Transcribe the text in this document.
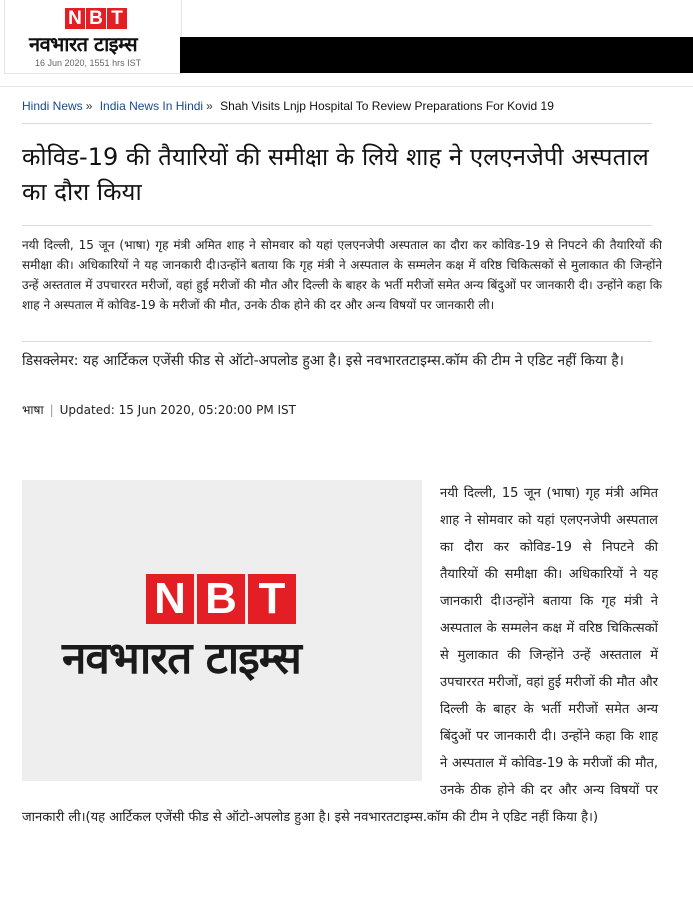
N B T
नवभारत टाइम्स
16 Jun 2020, 1551 hrs IST
Hindi News » India News In Hindi » Shah Visits Lnjp Hospital To Review Preparations For Kovid 19
कोविड-19 की तैयारियों की समीक्षा के लिये शाह ने एलएनजेपी अस्पताल का दौरा किया

नयी दिल्ली, 15 जून (भाषा) गृह मंत्री अमित शाह ने सोमवार को यहां एलएनजेपी अस्पताल का दौरा कर कोविड-19 से निपटने की तैयारियों की समीक्षा की। अधिकारियों ने यह जानकारी दी।उन्होंने बताया कि गृह मंत्री ने अस्पताल के सम्मलेन कक्ष में वरिष्ठ चिकित्सकों से मुलाकात की जिन्होंने उन्हें अस्तताल में उपचाररत मरीजों, वहां हुई मरीजों की मौत और दिल्ली के बाहर के भर्ती मरीजों समेत अन्य बिंदुओं पर जानकारी दी। उन्होंने कहा कि शाह ने अस्पताल में कोविड-19 के मरीजों की मौत, उनके ठीक होने की दर और अन्य विषयों पर जानकारी ली।

डिसक्लेमर: यह आर्टिकल एजेंसी फीड से ऑटो-अपलोड हुआ है। इसे नवभारतटाइम्स.कॉम की टीम ने एडिट नहीं किया है।

भाषा | Updated: 15 Jun 2020, 05:20:00 PM IST
N B T
नवभारत टाइम्स

नयी दिल्ली, 15 जून (भाषा) गृह मंत्री अमित शाह ने सोमवार को यहां एलएनजेपी अस्पताल का दौरा कर कोविड-19 से निपटने की तैयारियों की समीक्षा की। अधिकारियों ने यह जानकारी दी।उन्होंने बताया कि गृह मंत्री ने अस्पताल के सम्मलेन कक्ष में वरिष्ठ चिकित्सकों से मुलाकात की जिन्होंने उन्हें अस्तताल में उपचाररत मरीजों, वहां हुई मरीजों की मौत और दिल्ली के बाहर के भर्ती मरीजों समेत अन्य बिंदुओं पर जानकारी दी। उन्होंने कहा कि शाह ने अस्पताल में कोविड-19 के मरीजों की मौत, उनके ठीक होने की दर और अन्य विषयों पर जानकारी ली।(यह आर्टिकल एजेंसी फीड से ऑटो-अपलोड हुआ है। इसे नवभारतटाइम्स.कॉम की टीम ने एडिट नहीं किया है।)
